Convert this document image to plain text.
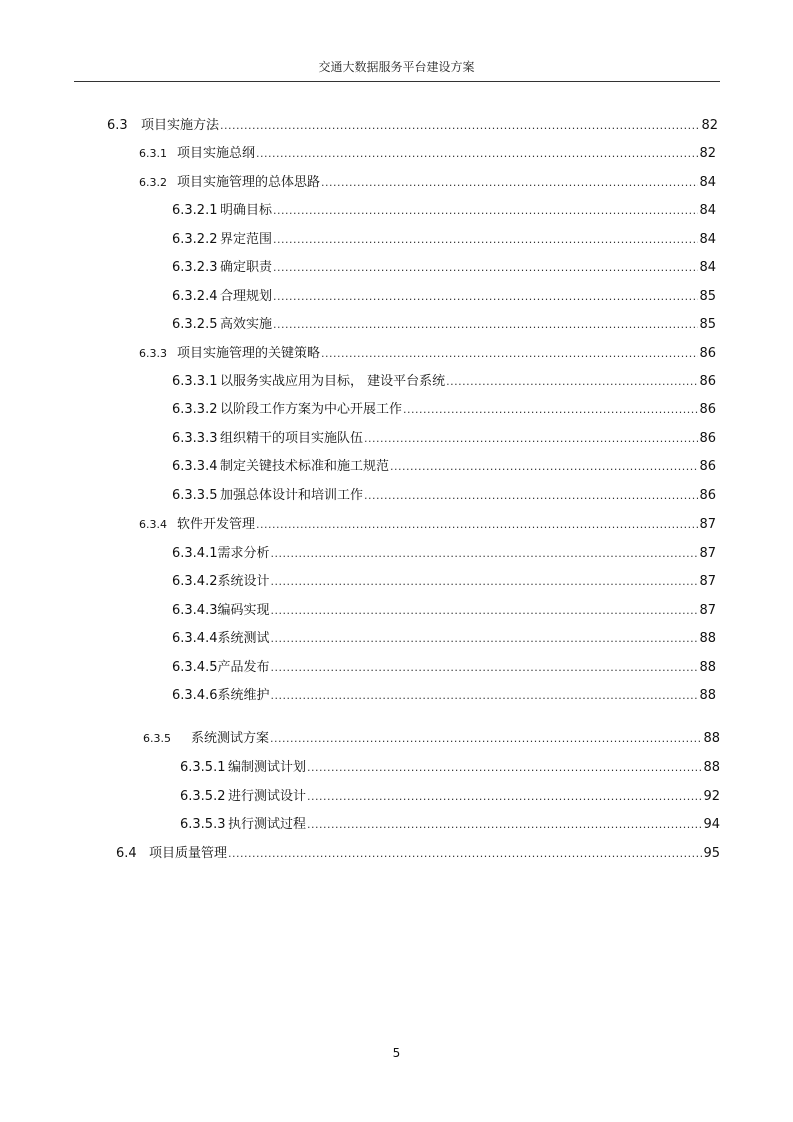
交通大数据服务平台建设方案
6.3	项目实施方法 .....	82
6.3.1 项目实施总纲 .....	82
6.3.2 项目实施管理的总体思路 .....	84
6.3.2.1 明确目标 .....	84
6.3.2.2 界定范围 .....	84
6.3.2.3 确定职责 .....	84
6.3.2.4 合理规划 .....	85
6.3.2.5 高效实施 .....	85
6.3.3 项目实施管理的关键策略 .....	86
6.3.3.1 以服务实战应用为目标， 建设平台系统 .....	86
6.3.3.2 以阶段工作方案为中心开展工作 .....	86
6.3.3.3 组织精干的项目实施队伍 .....	86
6.3.3.4 制定关键技术标准和施工规范 .....	86
6.3.3.5 加强总体设计和培训工作 .....	86
6.3.4 软件开发管理 .....	87
6.3.4.1 需求分析 .....	87
6.3.4.2 系统设计 .....	87
6.3.4.3 编码实现 .....	87
6.3.4.4 系统测试 .....	88
6.3.4.5 产品发布 .....	88
6.3.4.6 系统维护 .....	88
6.3.5	系统测试方案 .....	88
6.3.5.1 编制测试计划 .....	88
6.3.5.2 进行测试设计 .....	92
6.3.5.3 执行测试过程 .....	94
6.4 项目质量管理 .....	95
5
